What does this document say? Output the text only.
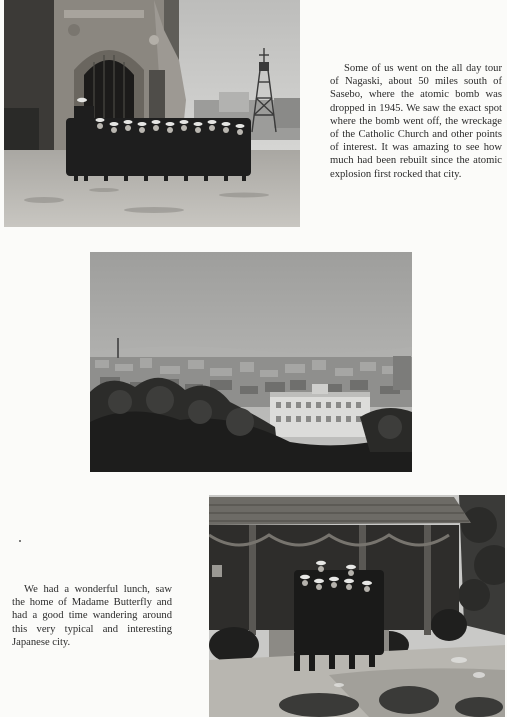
Some of us went on the all day tour of Nagaski, about 50 miles south of Sasebo, where the atomic bomb was dropped in 1945. We saw the exact spot where the bomb went off, the wreckage of the Catholic Church and other points of interest. It was amazing to see how much had been rebuilt since the atomic explosion first rocked that city.
We had a wonderful lunch, saw the home of Madame Butterfly and had a good time wandering around this very typical and interesting Japanese city.
